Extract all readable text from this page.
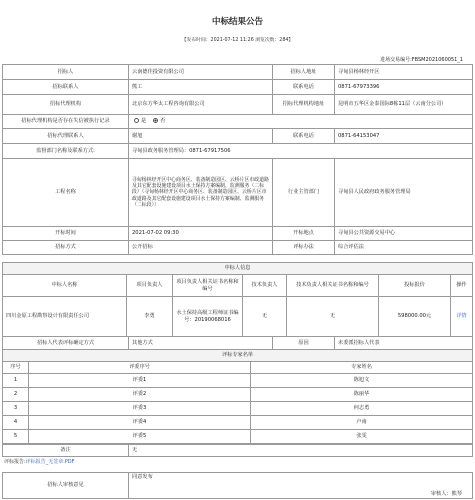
中标结果公告
【发布时间：2021-07-12 11:26 浏览次数：284】
进场交易编号:FBSM2021060051_1
招标人	云南德佳投资有限公司	招标人地址	寻甸县杨林经开区
招标联系人	熊工	联系电话	0871-67973396
招标代理机构	北京东方华太工程咨询有限公司	招标代理机构地址	昆明市五华区金泰国际8栋11层（云南分公司）
招标代理机构是否存在失信被执行记录	是 否		
招标代理联系人	谢旭	联系电话	0871-64153047
监督部门名称及联系方式:	寻甸县政务服务管理局：0871-67917506		
工程名称	寻甸杨林经开区中心商务区、装备制造园区、云桥片区市政道路及其它配套设施建设项目水土保持方案编制、监测服务（二标段）（寻甸杨林经开区中心商务区、装备制造园区、云桥片区市政道路及其它配套设施建设项目水土保持方案编制、监测服务（二标段））	行业主管部门	寻甸县人民政府政务服务管理局
开标时间	2021-07-02 09:30	开标地点	寻甸县公共资源交易中心
招标方式	公开招标	评标办法	综合评估法
中标人信息						
中标人名称	项目负责人	项目负责人相关证书名称和编号	技术负责人	技术负责人相关证书名称和编号	投标报价	操作
四川金原工程勘察设计有限责任公司	李勇	水土保持高级工程师证书编号：20190068016	无	无	598000.00元	详情
招标人代表评标确定方式	其他方式	原因	未委派招标人代表
评标专家名单		
序号	评委序号	专家姓名
1	评委1	陈旭文
2	评委2	陈丽华
3	评委3	何志勇
4	评委4	卢南
5	评委5	张雯
备注	无
评标报告:评标报告_无签章.PDF
招标人审核意见	同意发布
审核人：熊琴
